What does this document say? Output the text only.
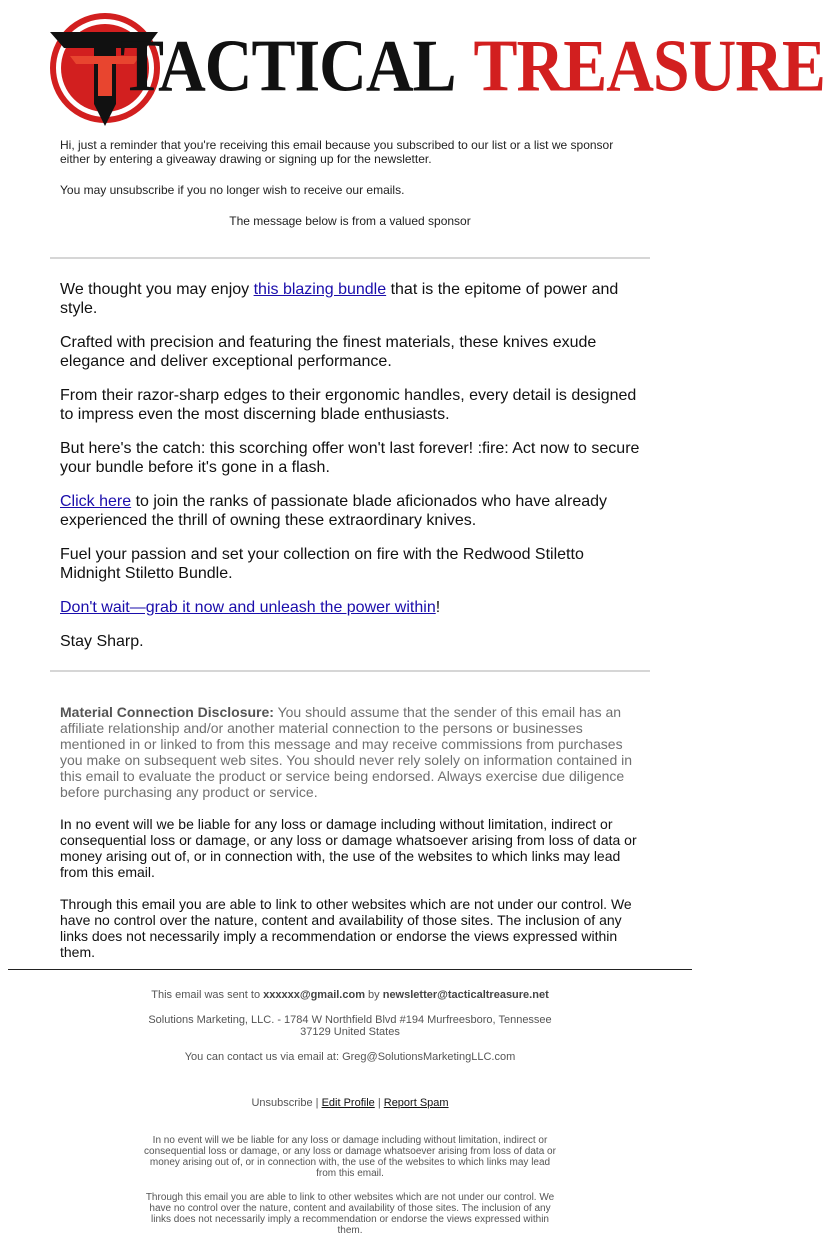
TACTICAL TREASURE

Hi, just a reminder that you're receiving this email because you subscribed to our list or a list we sponsor either by entering a giveaway drawing or signing up for the newsletter.

You may unsubscribe if you no longer wish to receive our emails.

The message below is from a valued sponsor

We thought you may enjoy this blazing bundle that is the epitome of power and style.

Crafted with precision and featuring the finest materials, these knives exude elegance and deliver exceptional performance.

From their razor-sharp edges to their ergonomic handles, every detail is designed to impress even the most discerning blade enthusiasts.

But here's the catch: this scorching offer won't last forever! :fire: Act now to secure your bundle before it's gone in a flash.

Click here to join the ranks of passionate blade aficionados who have already experienced the thrill of owning these extraordinary knives.

Fuel your passion and set your collection on fire with the Redwood Stiletto Midnight Stiletto Bundle.

Don't wait—grab it now and unleash the power within!

Stay Sharp.

Material Connection Disclosure: You should assume that the sender of this email has an affiliate relationship and/or another material connection to the persons or businesses mentioned in or linked to from this message and may receive commissions from purchases you make on subsequent web sites. You should never rely solely on information contained in this email to evaluate the product or service being endorsed. Always exercise due diligence before purchasing any product or service.

In no event will we be liable for any loss or damage including without limitation, indirect or consequential loss or damage, or any loss or damage whatsoever arising from loss of data or money arising out of, or in connection with, the use of the websites to which links may lead from this email.

Through this email you are able to link to other websites which are not under our control. We have no control over the nature, content and availability of those sites. The inclusion of any links does not necessarily imply a recommendation or endorse the views expressed within them.

This email was sent to xxxxxx@gmail.com by newsletter@tacticaltreasure.net

Solutions Marketing, LLC. - 1784 W Northfield Blvd #194 Murfreesboro, Tennessee 37129 United States

You can contact us via email at: Greg@SolutionsMarketingLLC.com

Unsubscribe | Edit Profile | Report Spam

In no event will we be liable for any loss or damage including without limitation, indirect or consequential loss or damage, or any loss or damage whatsoever arising from loss of data or money arising out of, or in connection with, the use of the websites to which links may lead from this email.

Through this email you are able to link to other websites which are not under our control. We have no control over the nature, content and availability of those sites. The inclusion of any links does not necessarily imply a recommendation or endorse the views expressed within them.
